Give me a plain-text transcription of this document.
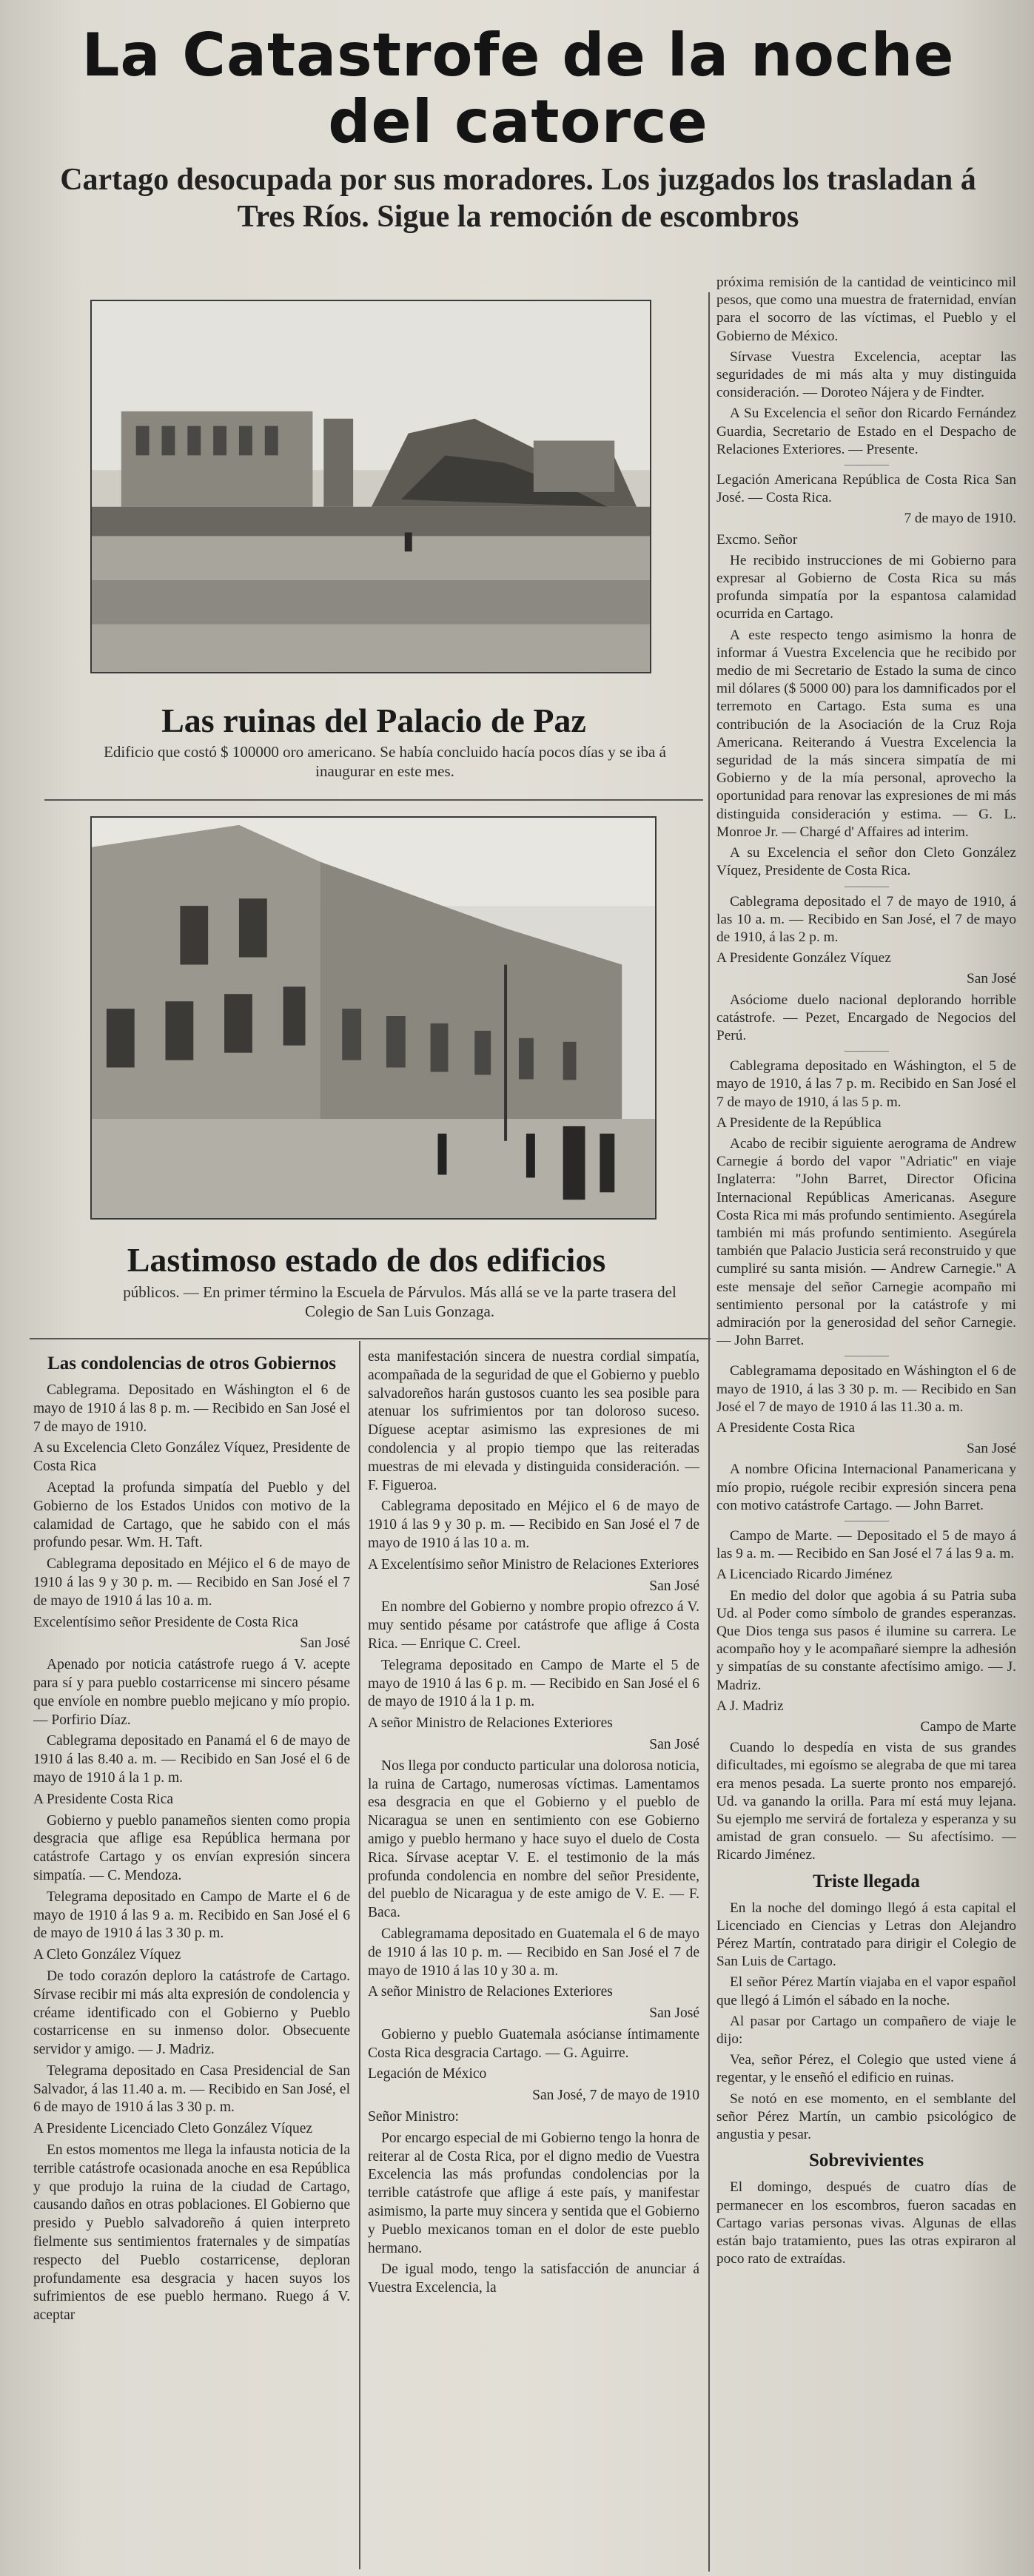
La Catastrofe de la noche del catorce
Cartago desocupada por sus moradores. Los juzgados los trasladan á Tres Ríos. Sigue la remoción de escombros
Las ruinas del Palacio de Paz
Edificio que costó $ 100000 oro americano. Se había concluido hacía pocos días y se iba á inaugurar en este mes.
Lastimoso estado de dos edificios
públicos. — En primer término la Escuela de Párvulos. Más allá se ve la parte trasera del Colegio de San Luis Gonzaga.
Las condolencias de otros Gobiernos

Cablegrama. Depositado en Wáshington el 6 de mayo de 1910 á las 8 p. m. — Recibido en San José el 7 de mayo de 1910.

A su Excelencia Cleto González Víquez, Presidente de Costa Rica

Aceptad la profunda simpatía del Pueblo y del Gobierno de los Estados Unidos con motivo de la calamidad de Cartago, que he sabido con el más profundo pesar. Wm. H. Taft.

Cablegrama depositado en Méjico el 6 de mayo de 1910 á las 9 y 30 p. m. — Recibido en San José el 7 de mayo de 1910 á las 10 a. m.

Excelentísimo señor Presidente de Costa Rica

San José

Apenado por noticia catástrofe ruego á V. acepte para sí y para pueblo costarricense mi sincero pésame que envíole en nombre pueblo mejicano y mío propio. — Porfirio Díaz.

Cablegrama depositado en Panamá el 6 de mayo de 1910 á las 8.40 a. m. — Recibido en San José el 6 de mayo de 1910 á la 1 p. m.

A Presidente Costa Rica

Gobierno y pueblo panameños sienten como propia desgracia que aflige esa República hermana por catástrofe Cartago y os envían expresión sincera simpatía. — C. Mendoza.

Telegrama depositado en Campo de Marte el 6 de mayo de 1910 á las 9 a. m. Recibido en San José el 6 de mayo de 1910 á las 3 30 p. m.

A Cleto González Víquez

De todo corazón deploro la catástrofe de Cartago. Sírvase recibir mi más alta expresión de condolencia y créame identificado con el Gobierno y Pueblo costarricense en su inmenso dolor. Obsecuente servidor y amigo. — J. Madriz.

Telegrama depositado en Casa Presidencial de San Salvador, á las 11.40 a. m. — Recibido en San José, el 6 de mayo de 1910 á las 3 30 p. m.

A Presidente Licenciado Cleto González Víquez

En estos momentos me llega la infausta noticia de la terrible catástrofe ocasionada anoche en esa República y que produjo la ruina de la ciudad de Cartago, causando daños en otras poblaciones. El Gobierno que presido y Pueblo salvadoreño á quien interpreto fielmente sus sentimientos fraternales y de simpatías respecto del Pueblo costarricense, deploran profundamente esa desgracia y hacen suyos los sufrimientos de ese pueblo hermano. Ruego á V. aceptar

esta manifestación sincera de nuestra cordial simpatía, acompañada de la seguridad de que el Gobierno y pueblo salvadoreños harán gustosos cuanto les sea posible para atenuar los sufrimientos por tan doloroso suceso. Díguese aceptar asimismo las expresiones de mi condolencia y al propio tiempo que las reiteradas muestras de mi elevada y distinguida consideración. — F. Figueroa.

Cablegrama depositado en Méjico el 6 de mayo de 1910 á las 9 y 30 p. m. — Recibido en San José el 7 de mayo de 1910 á las 10 a. m.

A Excelentísimo señor Ministro de Relaciones Exteriores

San José

En nombre del Gobierno y nombre propio ofrezco á V. muy sentido pésame por catástrofe que aflige á Costa Rica. — Enrique C. Creel.

Telegrama depositado en Campo de Marte el 5 de mayo de 1910 á las 6 p. m. — Recibido en San José el 6 de mayo de 1910 á la 1 p. m.

A señor Ministro de Relaciones Exteriores

San José

Nos llega por conducto particular una dolorosa noticia, la ruina de Cartago, numerosas víctimas. Lamentamos esa desgracia en que el Gobierno y el pueblo de Nicaragua se unen en sentimiento con ese Gobierno amigo y pueblo hermano y hace suyo el duelo de Costa Rica. Sírvase aceptar V. E. el testimonio de la más profunda condolencia en nombre del señor Presidente, del pueblo de Nicaragua y de este amigo de V. E. — F. Baca.

Cablegramama depositado en Guatemala el 6 de mayo de 1910 á las 10 p. m. — Recibido en San José el 7 de mayo de 1910 á las 10 y 30 a. m.

A señor Ministro de Relaciones Exteriores

San José

Gobierno y pueblo Guatemala asócianse íntimamente Costa Rica desgracia Cartago. — G. Aguirre.

Legación de México

San José, 7 de mayo de 1910

Señor Ministro:

Por encargo especial de mi Gobierno tengo la honra de reiterar al de Costa Rica, por el digno medio de Vuestra Excelencia las más profundas condolencias por la terrible catástrofe que aflige á este país, y manifestar asimismo, la parte muy sincera y sentida que el Gobierno y Pueblo mexicanos toman en el dolor de este pueblo hermano.

De igual modo, tengo la satisfacción de anunciar á Vuestra Excelencia, la

próxima remisión de la cantidad de veinticinco mil pesos, que como una muestra de fraternidad, envían para el socorro de las víctimas, el Pueblo y el Gobierno de México.

Sírvase Vuestra Excelencia, aceptar las seguridades de mi más alta y muy distinguida consideración. — Doroteo Nájera y de Findter.

A Su Excelencia el señor don Ricardo Fernández Guardia, Secretario de Estado en el Despacho de Relaciones Exteriores. — Presente.

Legación Americana República de Costa Rica San José. — Costa Rica.

7 de mayo de 1910.

Excmo. Señor

He recibido instrucciones de mi Gobierno para expresar al Gobierno de Costa Rica su más profunda simpatía por la espantosa calamidad ocurrida en Cartago.

A este respecto tengo asimismo la honra de informar á Vuestra Excelencia que he recibido por medio de mi Secretario de Estado la suma de cinco mil dólares ($ 5000 00) para los damnificados por el terremoto en Cartago. Esta suma es una contribución de la Asociación de la Cruz Roja Americana. Reiterando á Vuestra Excelencia la seguridad de la más sincera simpatía de mi Gobierno y de la mía personal, aprovecho la oportunidad para renovar las expresiones de mi más distinguida consideración y estima. — G. L. Monroe Jr. — Chargé d' Affaires ad interim.

A su Excelencia el señor don Cleto González Víquez, Presidente de Costa Rica.

Cablegrama depositado el 7 de mayo de 1910, á las 10 a. m. — Recibido en San José, el 7 de mayo de 1910, á las 2 p. m.

A Presidente González Víquez

San José

Asóciome duelo nacional deplorando horrible catástrofe. — Pezet, Encargado de Negocios del Perú.

Cablegrama depositado en Wáshington, el 5 de mayo de 1910, á las 7 p. m. Recibido en San José el 7 de mayo de 1910, á las 5 p. m.

A Presidente de la República

Acabo de recibir siguiente aerograma de Andrew Carnegie á bordo del vapor "Adriatic" en viaje Inglaterra: "John Barret, Director Oficina Internacional Repúblicas Americanas. Asegure Costa Rica mi más profundo sentimiento. Asegúrela también mi más profundo sentimiento. Asegúrela también que Palacio Justicia será reconstruido y que cumpliré su santa misión. — Andrew Carnegie." A este mensaje del señor Carnegie acompaño mi sentimiento personal por la catástrofe y mi admiración por la generosidad del señor Carnegie. — John Barret.

Cablegramama depositado en Wáshington el 6 de mayo de 1910, á las 3 30 p. m. — Recibido en San José el 7 de mayo de 1910 á las 11.30 a. m.

A Presidente Costa Rica

San José

A nombre Oficina Internacional Panamericana y mío propio, ruégole recibir expresión sincera pena con motivo catástrofe Cartago. — John Barret.

Campo de Marte. — Depositado el 5 de mayo á las 9 a. m. — Recibido en San José el 7 á las 9 a. m.

A Licenciado Ricardo Jiménez

En medio del dolor que agobia á su Patria suba Ud. al Poder como símbolo de grandes esperanzas. Que Dios tenga sus pasos é ilumine su carrera. Le acompaño hoy y le acompañaré siempre la adhesión y simpatías de su constante afectísimo amigo. — J. Madriz.

A J. Madriz

Campo de Marte

Cuando lo despedía en vista de sus grandes dificultades, mi egoísmo se alegraba de que mi tarea era menos pesada. La suerte pronto nos emparejó. Ud. va ganando la orilla. Para mí está muy lejana. Su ejemplo me servirá de fortaleza y esperanza y su amistad de gran consuelo. — Su afectísimo. — Ricardo Jiménez.

Triste llegada

En la noche del domingo llegó á esta capital el Licenciado en Ciencias y Letras don Alejandro Pérez Martín, contratado para dirigir el Colegio de San Luis de Cartago.

El señor Pérez Martín viajaba en el vapor español que llegó á Limón el sábado en la noche.

Al pasar por Cartago un compañero de viaje le dijo:

Vea, señor Pérez, el Colegio que usted viene á regentar, y le enseñó el edificio en ruinas.

Se notó en ese momento, en el semblante del señor Pérez Martín, un cambio psicológico de angustia y pesar.

Sobrevivientes

El domingo, después de cuatro días de permanecer en los escombros, fueron sacadas en Cartago varias personas vivas. Algunas de ellas están bajo tratamiento, pues las otras expiraron al poco rato de extraídas.
